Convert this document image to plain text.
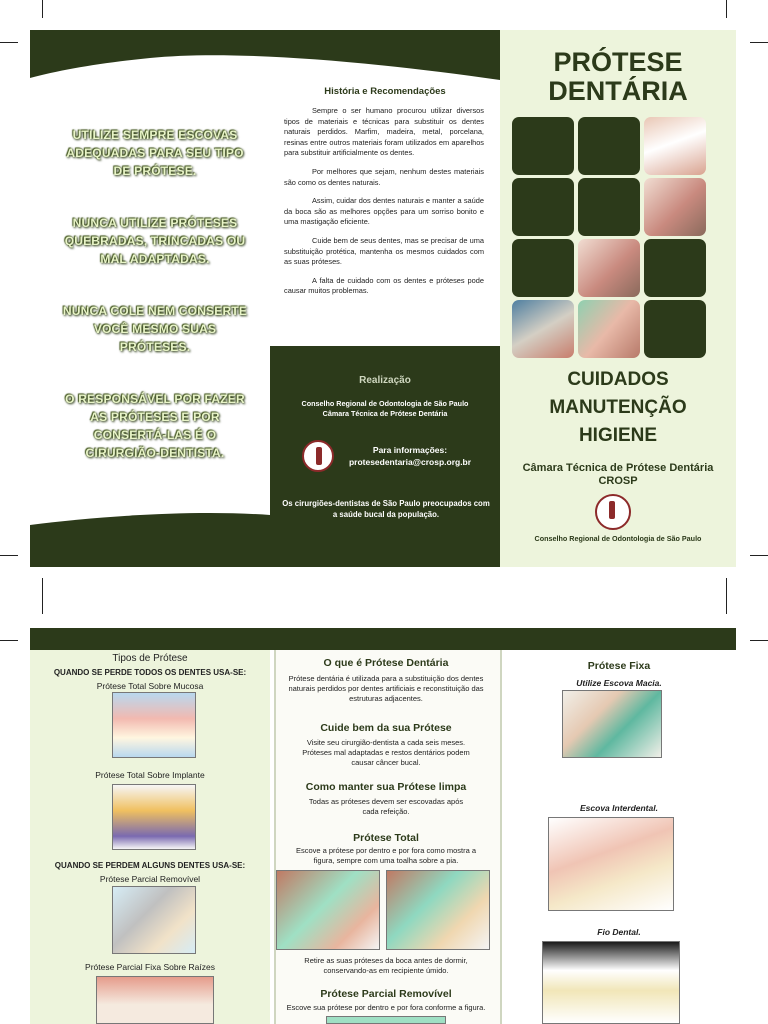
UTILIZE SEMPRE ESCOVAS ADEQUADAS PARA SEU TIPO DE PRÓTESE.
NUNCA UTILIZE PRÓTESES QUEBRADAS, TRINCADAS OU MAL ADAPTADAS.
NUNCA COLE NEM CONSERTE VOCÊ MESMO SUAS PRÓTESES.
O RESPONSÁVEL POR FAZER AS PRÓTESES E POR CONSERTÁ-LAS É O CIRURGIÃO-DENTISTA.
História e Recomendações

Sempre o ser humano procurou utilizar diversos tipos de materiais e técnicas para substituir os dentes naturais perdidos. Marfim, madeira, metal, porcelana, resinas entre outros materiais foram utilizados em aparelhos para substituir artificialmente os dentes.

Por melhores que sejam, nenhum destes materiais são como os dentes naturais.

Assim, cuidar dos dentes naturais e manter a saúde da boca são as melhores opções para um sorriso bonito e uma mastigação eficiente.

Cuide bem de seus dentes, mas se precisar de uma substituição protética, mantenha os mesmos cuidados com as suas próteses.

A falta de cuidado com os dentes e próteses pode causar muitos problemas.

Realização
Conselho Regional de Odontologia de São Paulo
Câmara Técnica de Prótese Dentária
Para informações:
protesedentaria@crosp.org.br
Os cirurgiões-dentistas de São Paulo preocupados com a saúde bucal da população.
PRÓTESE
DENTÁRIA
CUIDADOS
MANUTENÇÃO
HIGIENE
Câmara Técnica de Prótese Dentária
CROSP
Conselho Regional de Odontologia de São Paulo
Tipos de Prótese
QUANDO SE PERDE TODOS OS DENTES USA-SE:
Prótese Total Sobre Mucosa
Prótese Total Sobre Implante
QUANDO SE PERDEM ALGUNS DENTES USA-SE:
Prótese Parcial Removível
Prótese Parcial Fixa Sobre Raízes
O que é Prótese Dentária
Prótese dentária é utilizada para a substituição dos dentes naturais perdidos por dentes artificiais e reconstituição das estruturas adjacentes.
Cuide bem da sua Prótese
Visite seu cirurgião-dentista a cada seis meses. Próteses mal adaptadas e restos dentários podem causar câncer bucal.
Como manter sua Prótese limpa
Todas as próteses devem ser escovadas após cada refeição.
Prótese Total
Escove a prótese por dentro e por fora como mostra a figura, sempre com uma toalha sobre a pia.
Retire as suas próteses da boca antes de dormir, conservando-as em recipiente úmido.
Prótese Parcial Removível
Escove sua prótese por dentro e por fora conforme a figura.
Prótese Fixa
Utilize Escova Macia.
Escova Interdental.
Fio Dental.
